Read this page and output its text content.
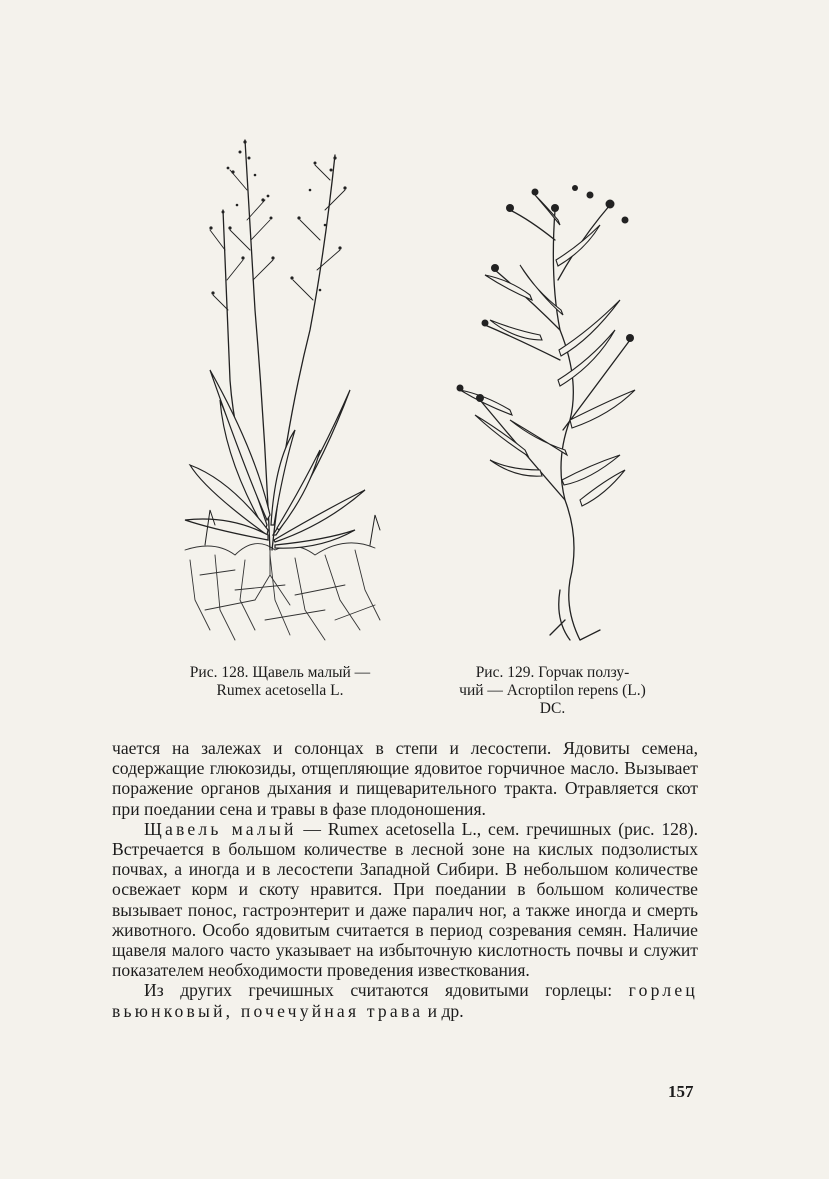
Рис. 128. Щавель малый —
Rumex acetosella L.
Рис. 129. Горчак ползу-
чий — Acroptilon repens (L.)
DC.

чается на залежах и солонцах в степи и лесостепи. Ядовиты семена, содержащие глюкозиды, отщепляющие ядовитое горчичное масло. Вызывает поражение органов дыхания и пищеварительного тракта. Отравляется скот при поедании сена и травы в фазе плодоношения.

Щавель малый — Rumex acetosella L., сем. гречишных (рис. 128). Встречается в большом количестве в лесной зоне на кислых подзолистых почвах, а иногда и в лесостепи Западной Сибири. В небольшом количестве освежает корм и скоту нравится. При поедании в большом количестве вызывает понос, гастроэнтерит и даже паралич ног, а также иногда и смерть животного. Особо ядовитым считается в период созревания семян. Наличие щавеля малого часто указывает на избыточную кислотность почвы и служит показателем необходимости проведения известкования.

Из других гречишных считаются ядовитыми горлецы: горлец вьюнковый, почечуйная трава и др.

157
